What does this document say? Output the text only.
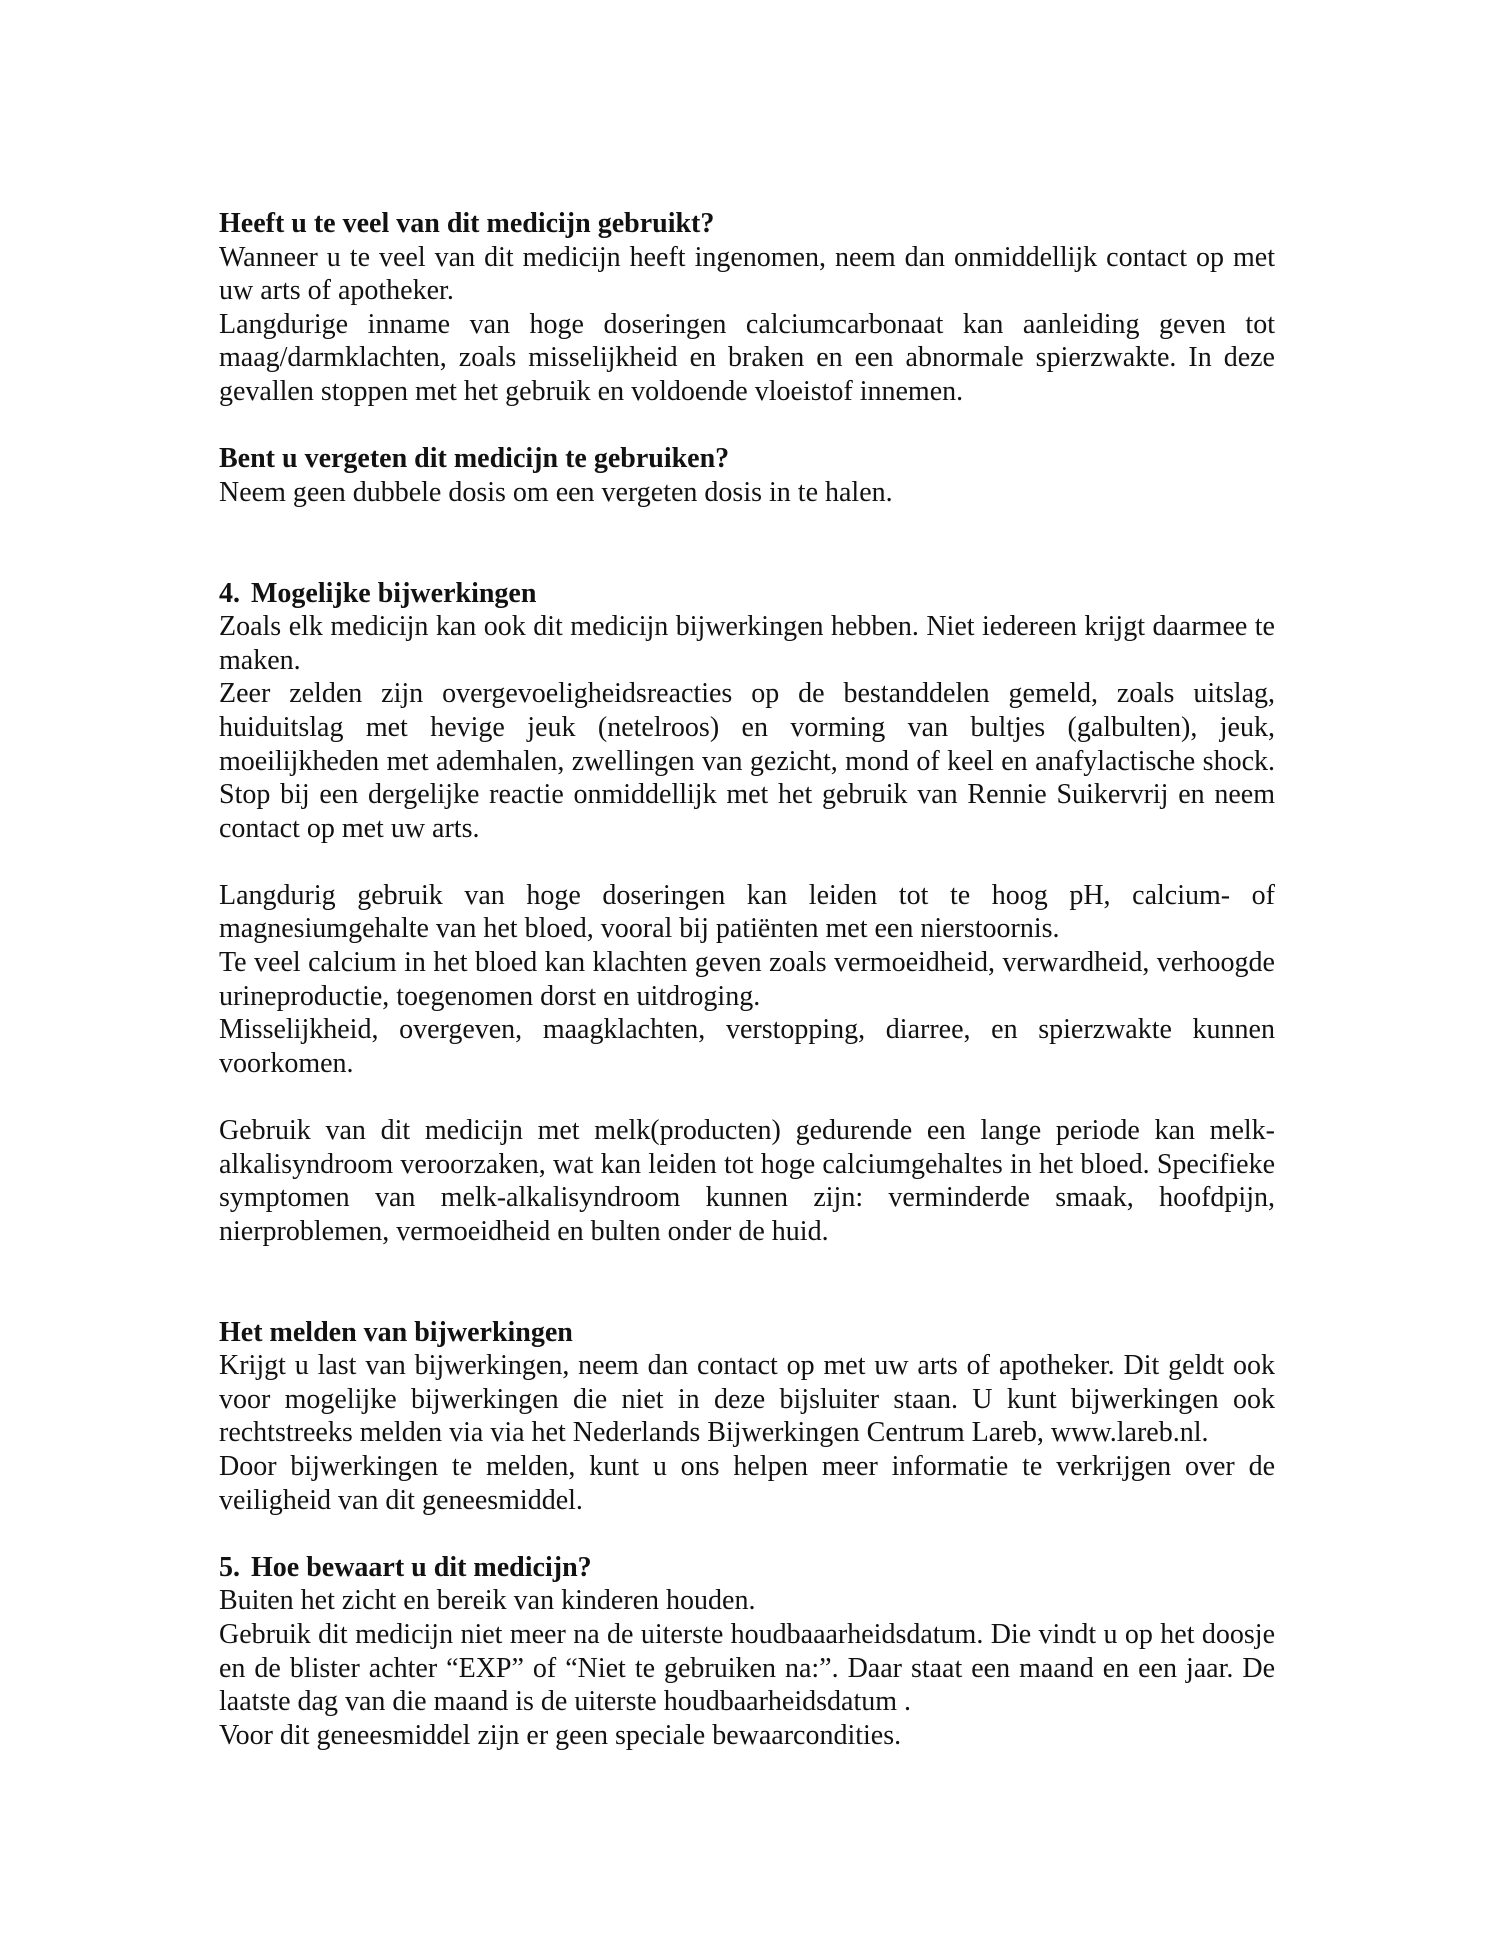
Heeft u te veel van dit medicijn gebruikt?

Wanneer u te veel van dit medicijn heeft ingenomen, neem dan onmiddellijk contact op met uw arts of apotheker.

Langdurige inname van hoge doseringen calciumcarbonaat kan aanleiding geven tot maag/darmklachten, zoals misselijkheid en braken en een abnormale spierzwakte. In deze gevallen stoppen met het gebruik en voldoende vloeistof innemen.

Bent u vergeten dit medicijn te gebruiken?

Neem geen dubbele dosis om een vergeten dosis in te halen.

4. Mogelijke bijwerkingen

Zoals elk medicijn kan ook dit medicijn bijwerkingen hebben. Niet iedereen krijgt daarmee te maken.

Zeer zelden zijn overgevoeligheidsreacties op de bestanddelen gemeld, zoals uitslag, huiduitslag met hevige jeuk (netelroos) en vorming van bultjes (galbulten), jeuk, moeilijkheden met ademhalen, zwellingen van gezicht, mond of keel en anafylactische shock. Stop bij een dergelijke reactie onmiddellijk met het gebruik van Rennie Suikervrij en neem contact op met uw arts.

Langdurig gebruik van hoge doseringen kan leiden tot te hoog pH, calcium- of magnesiumgehalte van het bloed, vooral bij patiënten met een nierstoornis.

Te veel calcium in het bloed kan klachten geven zoals vermoeidheid, verwardheid, verhoogde urineproductie, toegenomen dorst en uitdroging.

Misselijkheid, overgeven, maagklachten, verstopping, diarree, en spierzwakte kunnen voorkomen.

Gebruik van dit medicijn met melk(producten) gedurende een lange periode kan melk-alkalisyndroom veroorzaken, wat kan leiden tot hoge calciumgehaltes in het bloed. Specifieke symptomen van melk-alkalisyndroom kunnen zijn: verminderde smaak, hoofdpijn, nierproblemen, vermoeidheid en bulten onder de huid.

Het melden van bijwerkingen

Krijgt u last van bijwerkingen, neem dan contact op met uw arts of apotheker. Dit geldt ook voor mogelijke bijwerkingen die niet in deze bijsluiter staan. U kunt bijwerkingen ook rechtstreeks melden via via het Nederlands Bijwerkingen Centrum Lareb, www.lareb.nl.

Door bijwerkingen te melden, kunt u ons helpen meer informatie te verkrijgen over de veiligheid van dit geneesmiddel.

5. Hoe bewaart u dit medicijn?

Buiten het zicht en bereik van kinderen houden.

Gebruik dit medicijn niet meer na de uiterste houdbaaarheidsdatum. Die vindt u op het doosje en de blister achter “EXP” of “Niet te gebruiken na:”. Daar staat een maand en een jaar. De laatste dag van die maand is de uiterste houdbaarheidsdatum .

Voor dit geneesmiddel zijn er geen speciale bewaarcondities.
